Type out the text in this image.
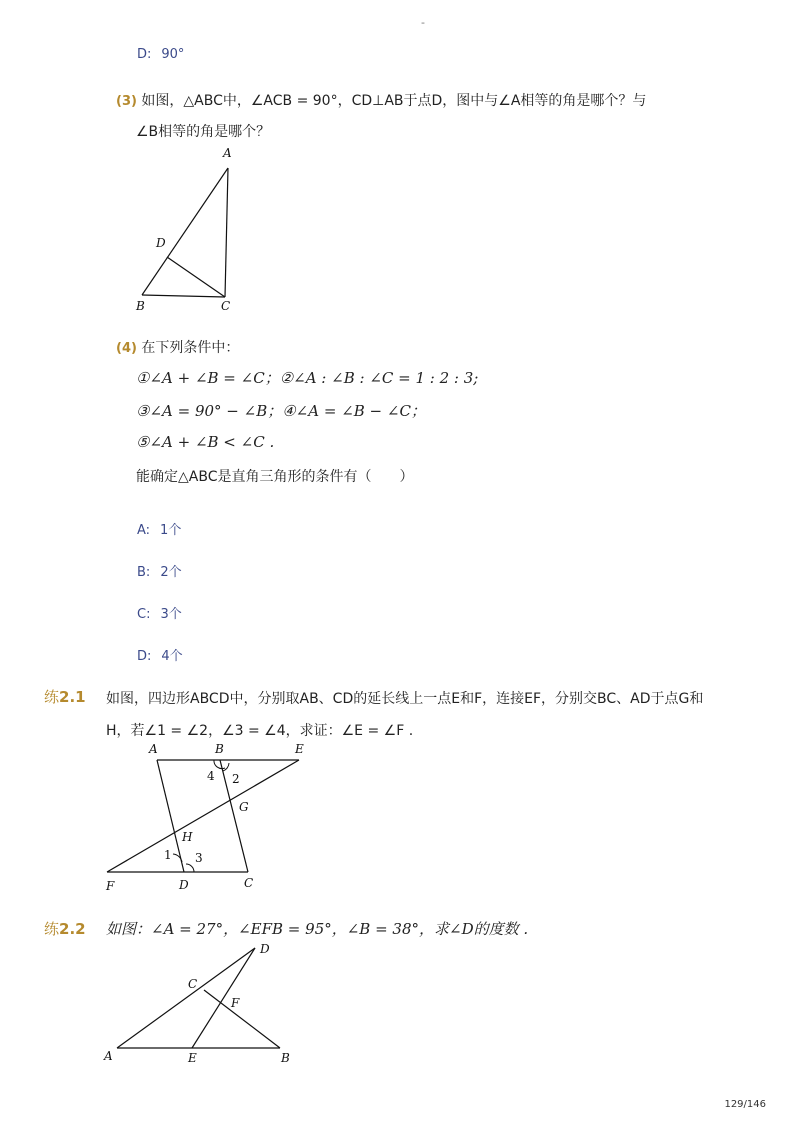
-
D: 90°
(3) 如图，△ABC中，∠ACB = 90°，CD⊥AB于点D，图中与∠A相等的角是哪个？与
∠B相等的角是哪个？
A
D
B	C
(4) 在下列条件中：
①∠A + ∠B = ∠C；②∠A : ∠B : ∠C = 1 : 2 : 3;
③∠A = 90° − ∠B；④∠A = ∠B − ∠C；
⑤∠A + ∠B < ∠C .
能确定△ABC是直角三角形的条件有（　　）
A: 1个
B: 2个
C: 3个
D: 4个
练2.1 如图，四边形ABCD中，分别取AB、CD的延长线上一点E和F，连接EF，分别交BC、AD于点G和
H，若∠1 = ∠2，∠3 = ∠4，求证：∠E = ∠F .
A	B	E
G
H
F	D	C
4 2
1 3
练2.2 如图：∠A = 27°，∠EFB = 95°，∠B = 38°，求∠D的度数 .
D
C
F
A	E	B
129/146
